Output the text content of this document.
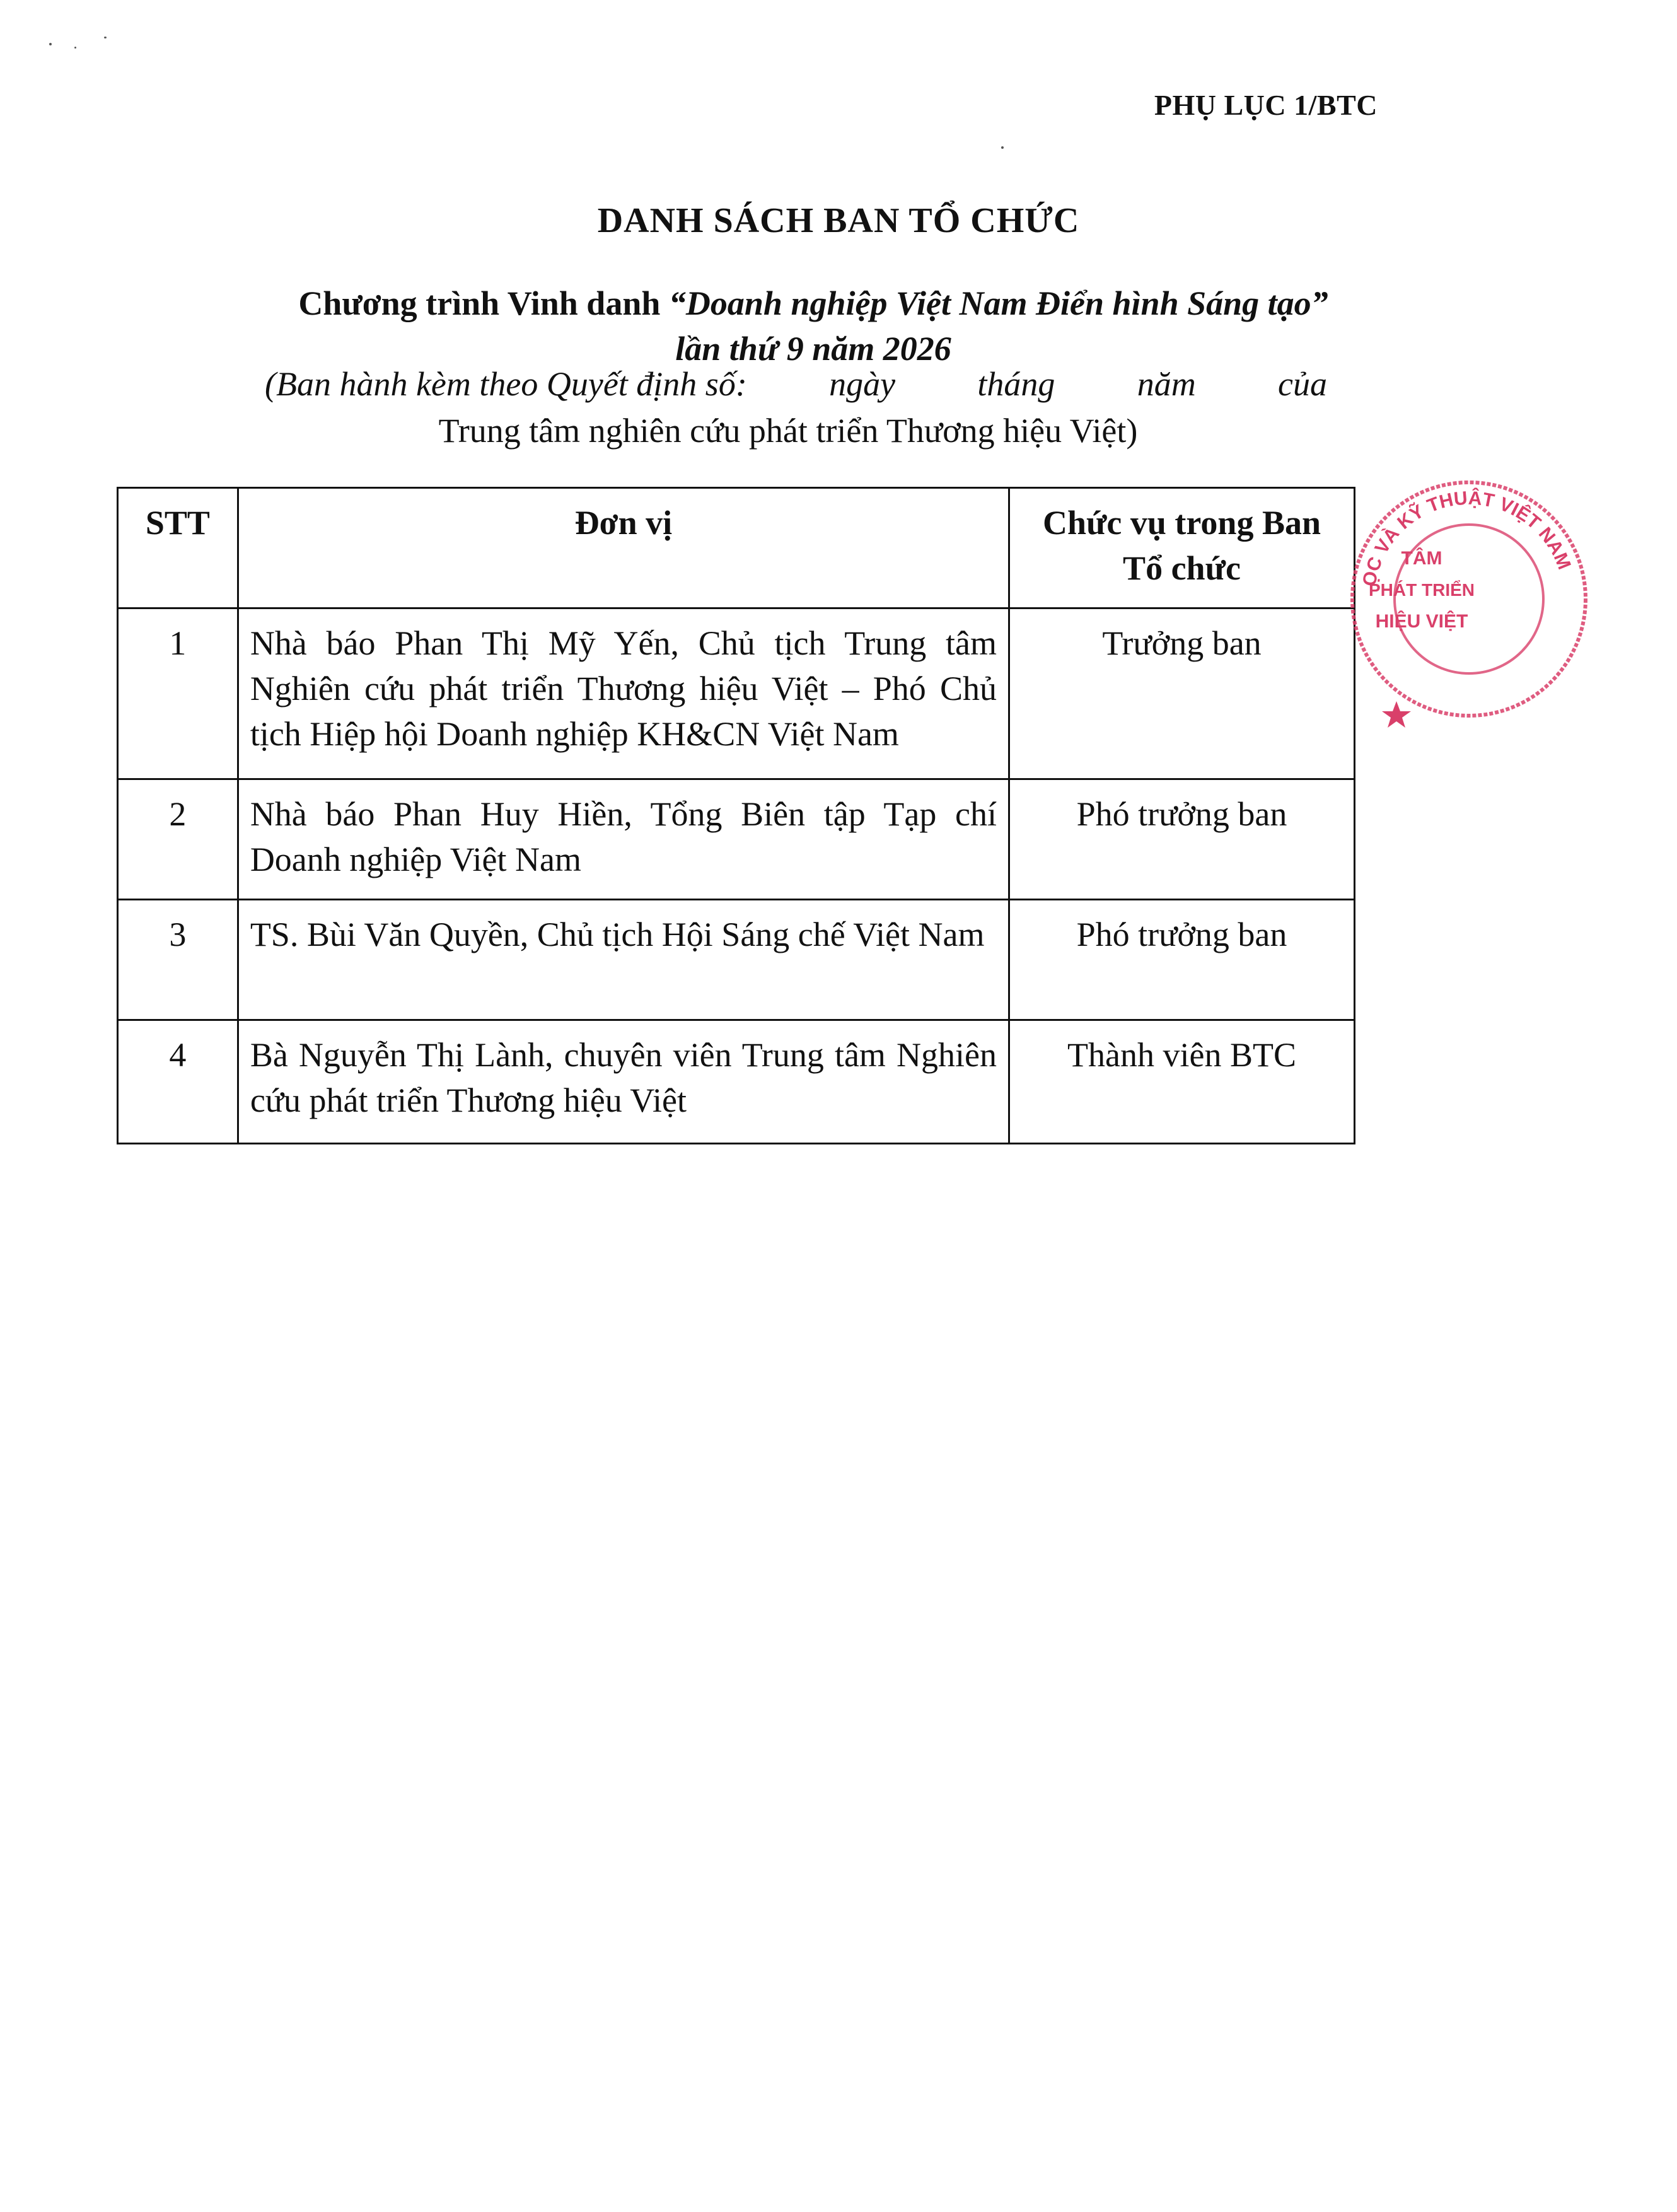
PHỤ LỤC 1/BTC
DANH SÁCH BAN TỔ CHỨC
Chương trình Vinh danh “Doanh nghiệp Việt Nam Điển hình Sáng tạo”
lần thứ 9 năm 2026
(Ban hành kèm theo Quyết định số: ngày tháng năm của
Trung tâm nghiên cứu phát triển Thương hiệu Việt)
STT	Đơn vị	Chức vụ trong Ban Tổ chức
1	Nhà báo Phan Thị Mỹ Yến, Chủ tịch Trung tâm Nghiên cứu phát triển Thương hiệu Việt – Phó Chủ tịch Hiệp hội Doanh nghiệp KH&CN Việt Nam	Trưởng ban
2	Nhà báo Phan Huy Hiền, Tổng Biên tập Tạp chí Doanh nghiệp Việt Nam	Phó trưởng ban
3	TS. Bùi Văn Quyền, Chủ tịch Hội Sáng chế Việt Nam	Phó trưởng ban
4	Bà Nguyễn Thị Lành, chuyên viên Trung tâm Nghiên cứu phát triển Thương hiệu Việt	Thành viên BTC
ỌC VÀ KỸ THUẬT VIỆT NAM
TÂM
PHÁT TRIỂN
HIỆU VIỆT
